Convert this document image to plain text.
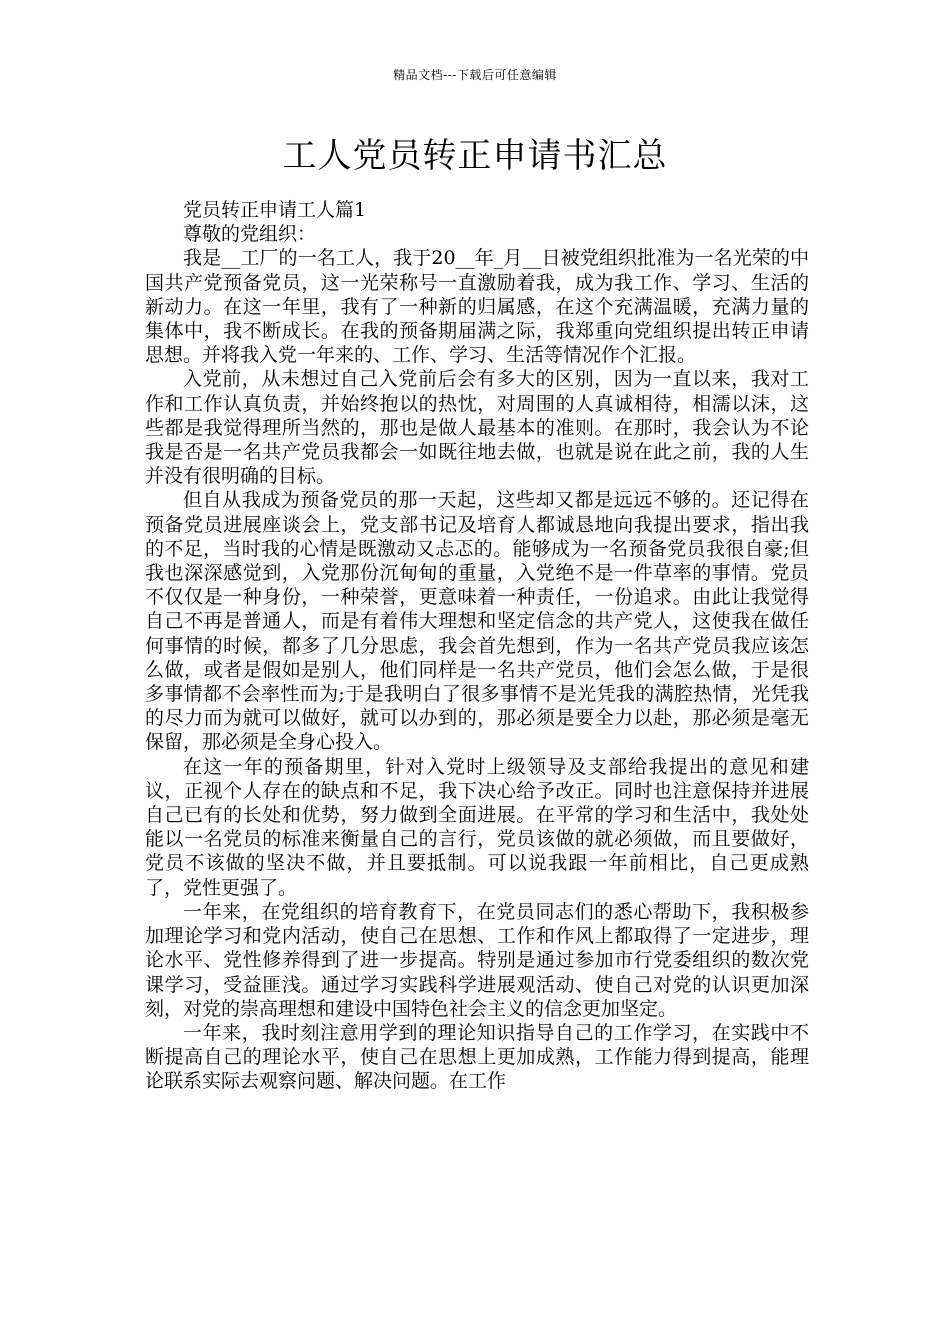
精品文档---下载后可任意编辑
工人党员转正申请书汇总

党员转正申请工人篇1

尊敬的党组织：

我是__工厂的一名工人，我于20__年_月__日被党组织批准为一名光荣的中国共产党预备党员，这一光荣称号一直激励着我，成为我工作、学习、生活的新动力。在这一年里，我有了一种新的归属感，在这个充满温暖，充满力量的集体中，我不断成长。在我的预备期届满之际，我郑重向党组织提出转正申请思想。并将我入党一年来的、工作、学习、生活等情况作个汇报。

入党前，从未想过自己入党前后会有多大的区别，因为一直以来，我对工作和工作认真负责，并始终抱以的热忱，对周围的人真诚相待，相濡以沫，这些都是我觉得理所当然的，那也是做人最基本的准则。在那时，我会认为不论我是否是一名共产党员我都会一如既往地去做，也就是说在此之前，我的人生并没有很明确的目标。

但自从我成为预备党员的那一天起，这些却又都是远远不够的。还记得在预备党员进展座谈会上，党支部书记及培育人都诚恳地向我提出要求，指出我的不足，当时我的心情是既激动又忐忑的。能够成为一名预备党员我很自豪;但我也深深感觉到，入党那份沉甸甸的重量，入党绝不是一件草率的事情。党员不仅仅是一种身份，一种荣誉，更意味着一种责任，一份追求。由此让我觉得自己不再是普通人，而是有着伟大理想和坚定信念的共产党人，这使我在做任何事情的时候，都多了几分思虑，我会首先想到，作为一名共产党员我应该怎么做，或者是假如是别人，他们同样是一名共产党员，他们会怎么做，于是很多事情都不会率性而为;于是我明白了很多事情不是光凭我的满腔热情，光凭我的尽力而为就可以做好，就可以办到的，那必须是要全力以赴，那必须是毫无保留，那必须是全身心投入。

在这一年的预备期里，针对入党时上级领导及支部给我提出的意见和建议，正视个人存在的缺点和不足，我下决心给予改正。同时也注意保持并进展自己已有的长处和优势，努力做到全面进展。在平常的学习和生活中，我处处能以一名党员的标准来衡量自己的言行，党员该做的就必须做，而且要做好，党员不该做的坚决不做，并且要抵制。可以说我跟一年前相比，自己更成熟了，党性更强了。

一年来，在党组织的培育教育下，在党员同志们的悉心帮助下，我积极参加理论学习和党内活动，使自己在思想、工作和作风上都取得了一定进步，理论水平、党性修养得到了进一步提高。特别是通过参加市行党委组织的数次党课学习，受益匪浅。通过学习实践科学进展观活动、使自己对党的认识更加深刻，对党的崇高理想和建设中国特色社会主义的信念更加坚定。

一年来，我时刻注意用学到的理论知识指导自己的工作学习，在实践中不断提高自己的理论水平，使自己在思想上更加成熟，工作能力得到提高，能理论联系实际去观察问题、解决问题。在工作
